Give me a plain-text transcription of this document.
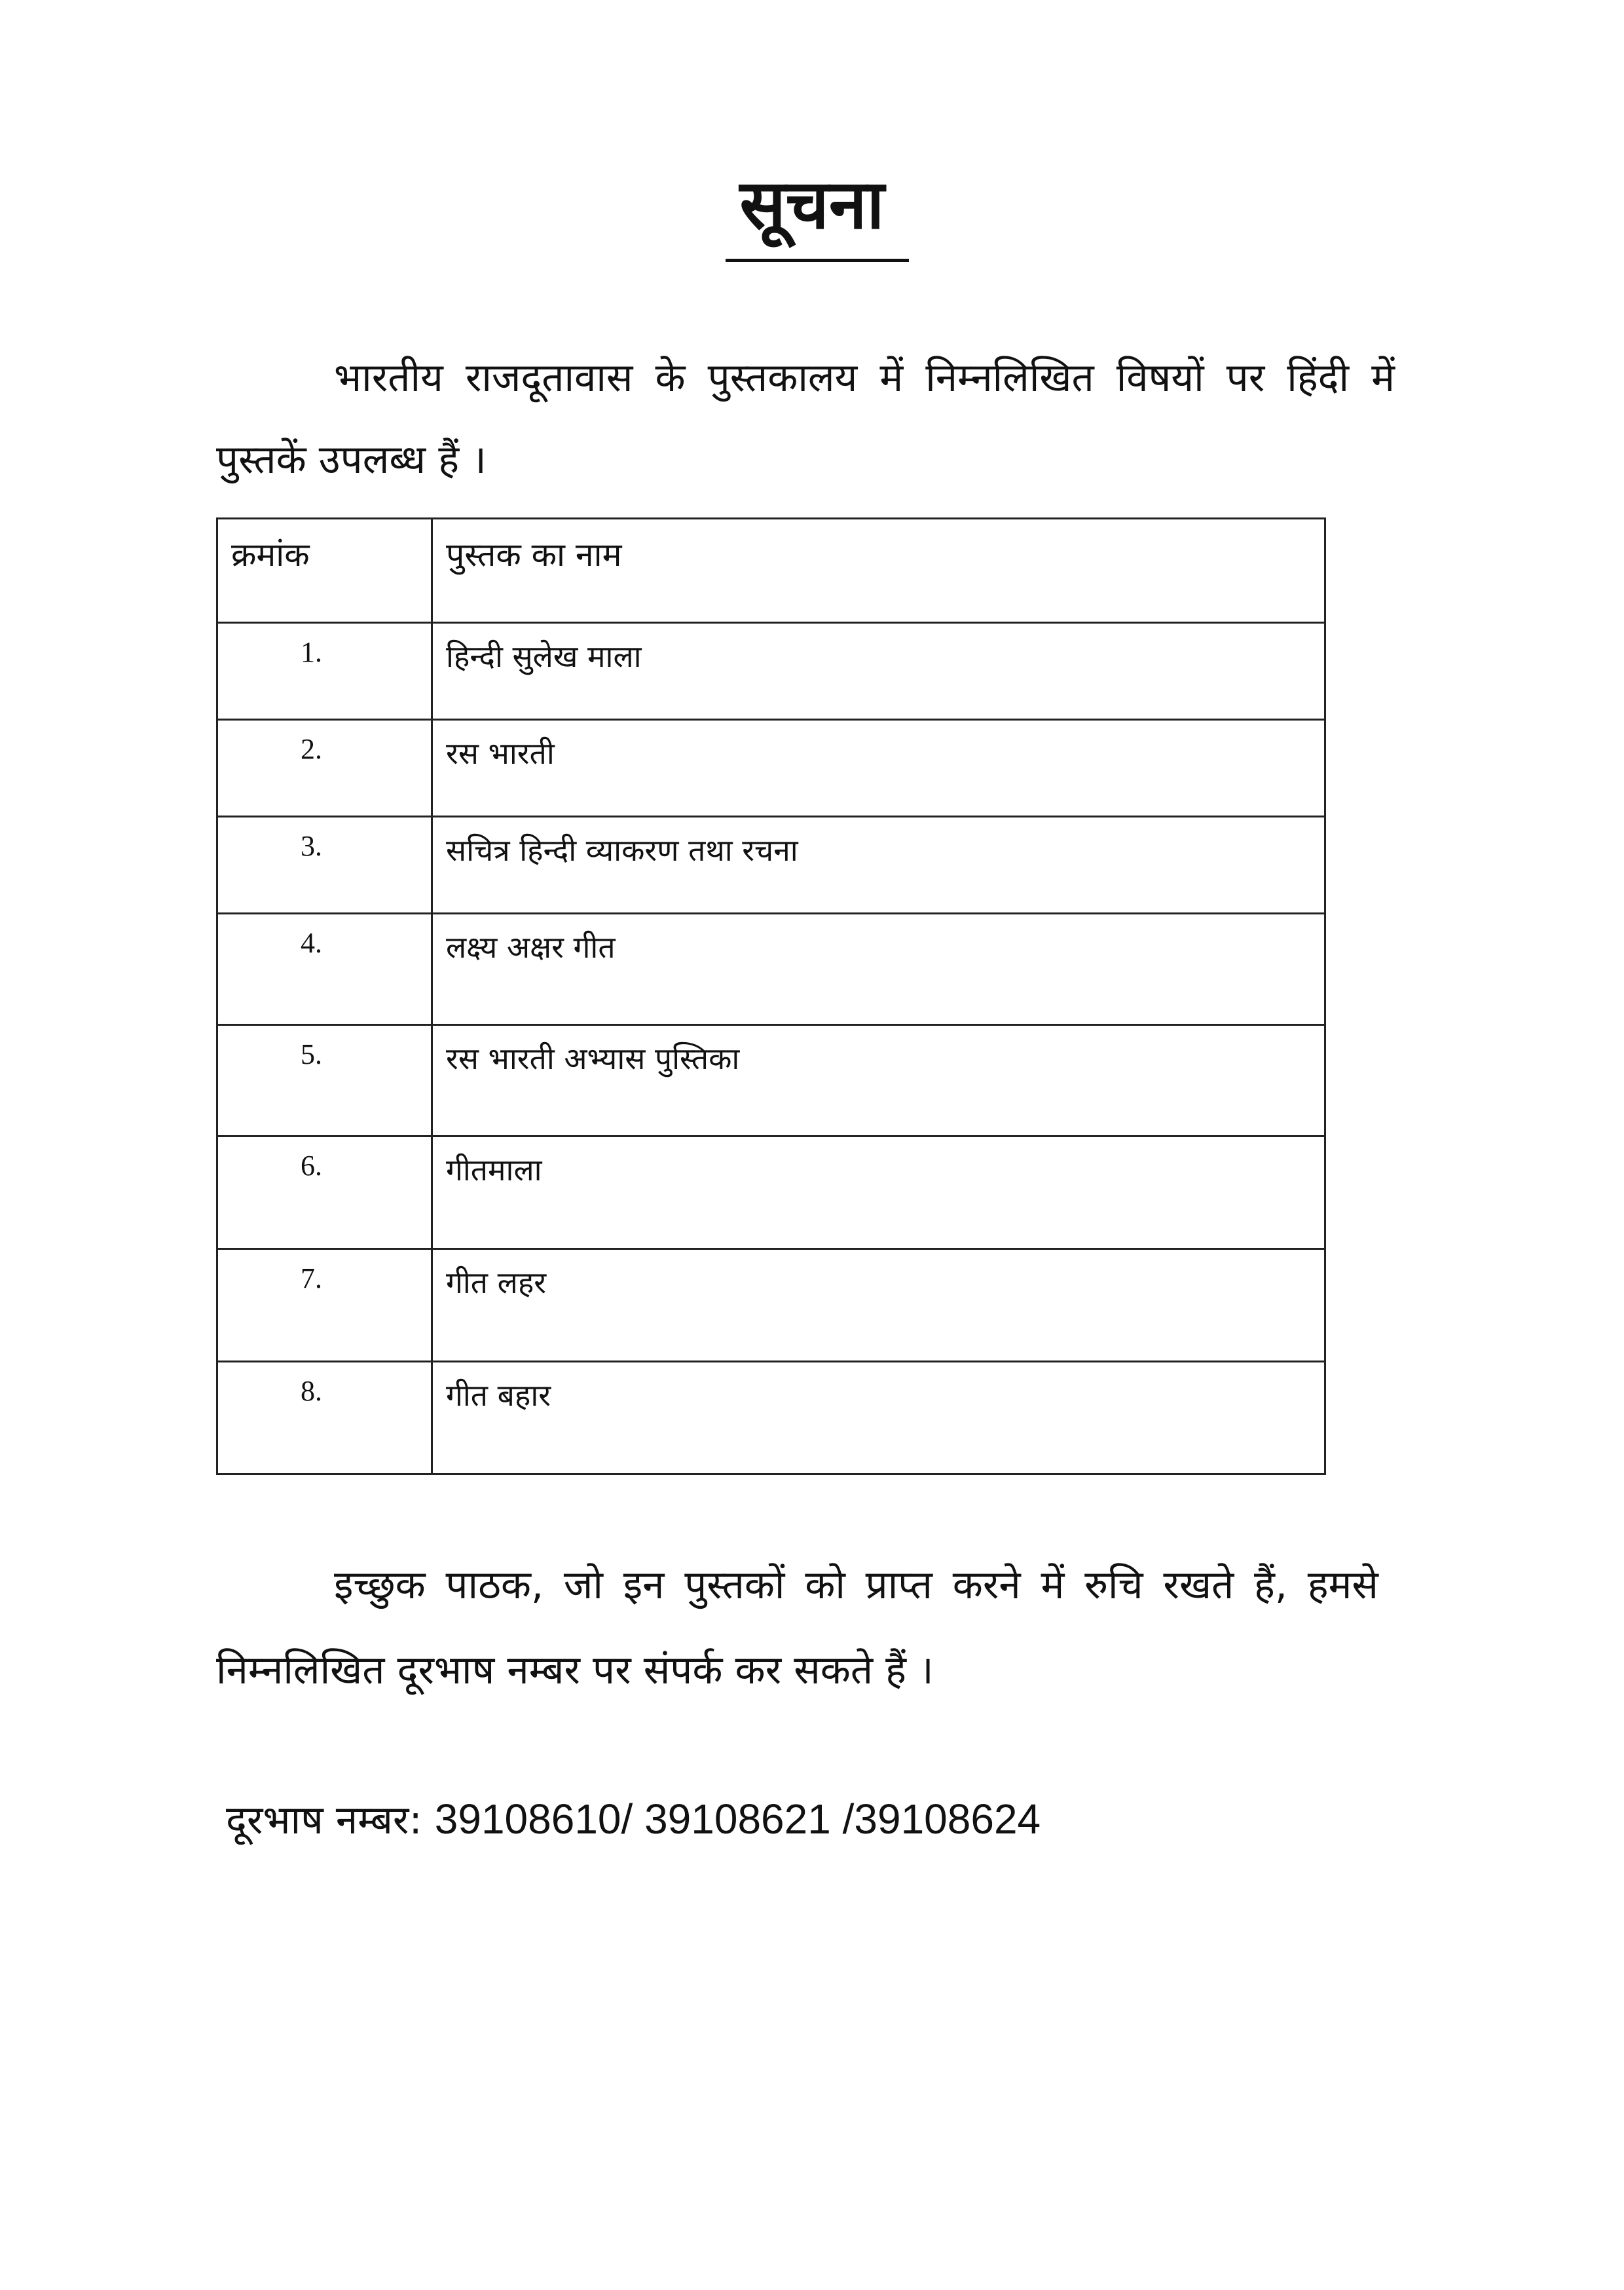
सूचना

भारतीय राजदूतावास के पुस्तकालय में निम्नलिखित विषयों पर हिंदी में पुस्तकें उपलब्ध हैं ।

क्रमांक	पुस्तक का नाम
1.	हिन्दी सुलेख माला
2.	रस भारती
3.	सचित्र हिन्दी व्याकरण तथा रचना
4.	लक्ष्य अक्षर गीत
5.	रस भारती अभ्यास पुस्तिका
6.	गीतमाला
7.	गीत लहर
8.	गीत बहार

इच्छुक पाठक, जो इन पुस्तकों को प्राप्त करने में रुचि रखते हैं, हमसे निम्नलिखित दूरभाष नम्बर पर संपर्क कर सकते हैं ।

दूरभाष नम्बर: 39108610/ 39108621 /39108624
